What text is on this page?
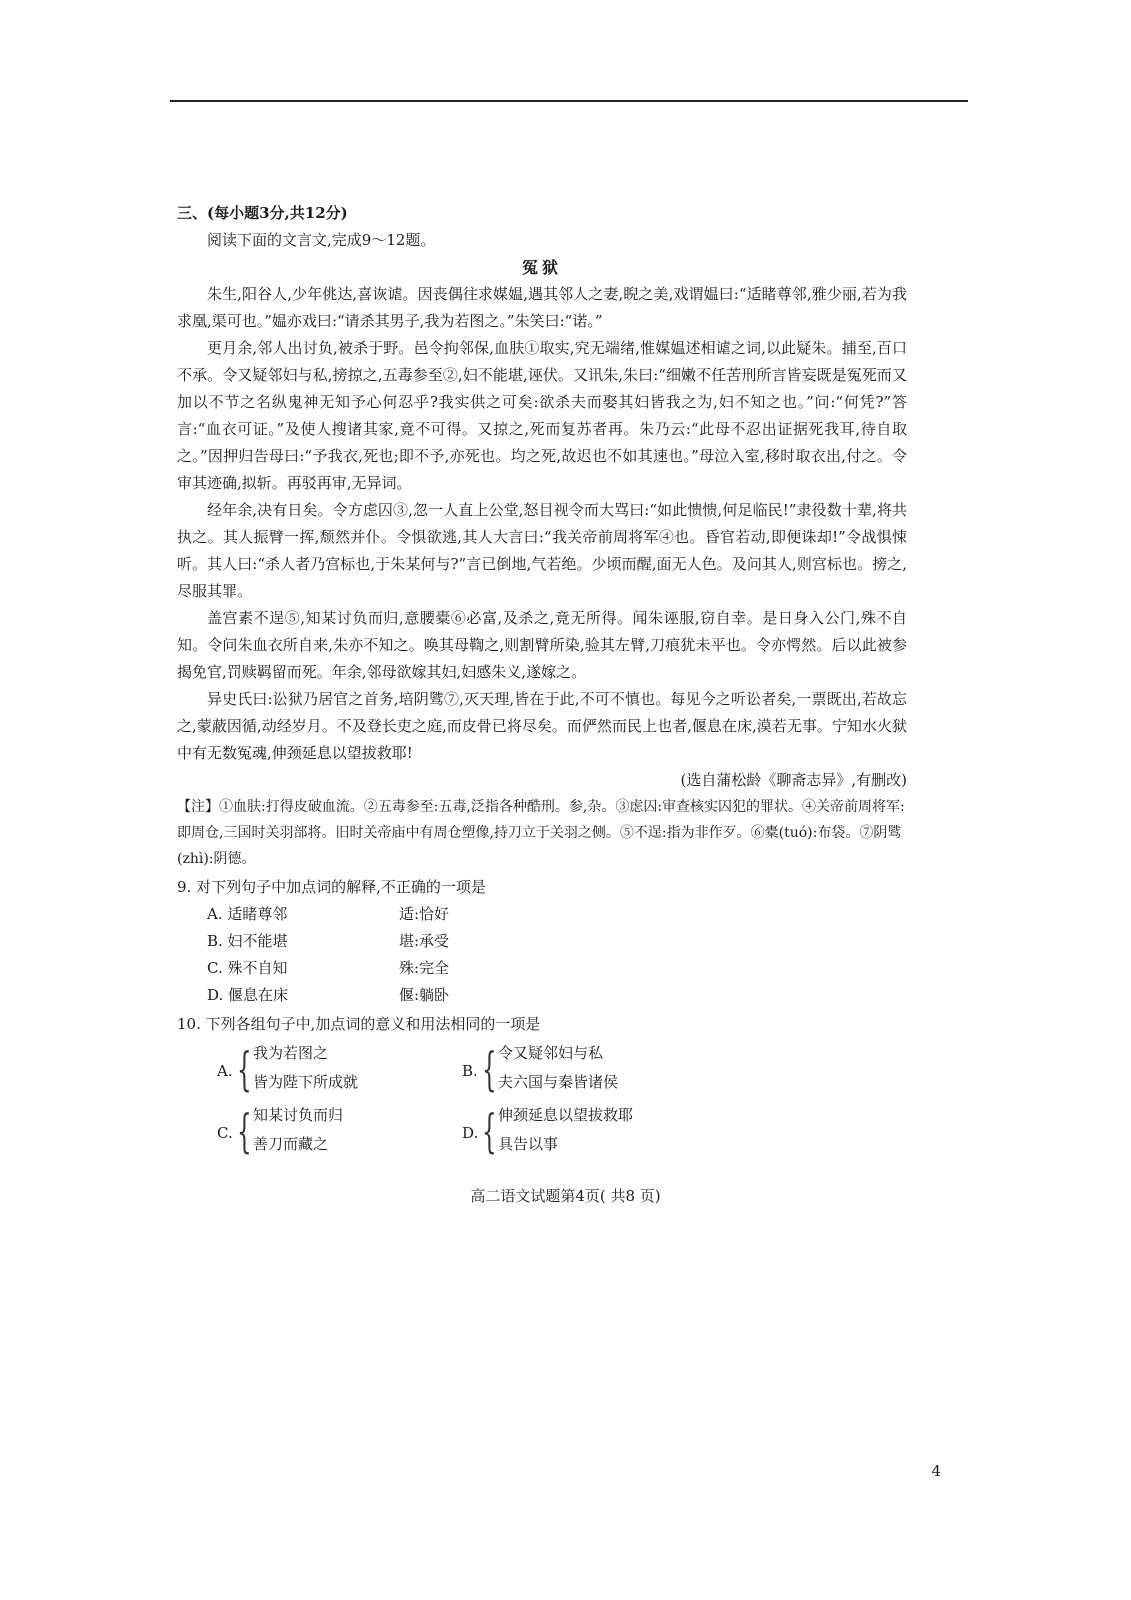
三、(每小题3分,共12分)

阅读下面的文言文,完成9～12题。

冤狱

朱生,阳谷人,少年佻达,喜诙谑。因丧偶往求媒媪,遇其邻人之妻,睨之美,戏谓媪曰:“适睹尊邻,雅少丽,若为我求凰,渠可也。”媪亦戏曰:“请杀其男子,我为若图之。”朱笑曰:“诺。”

更月余,邻人出讨负,被杀于野。邑令拘邻保,血肤①取实,究无端绪,惟媒媪述相谑之词,以此疑朱。捕至,百口不承。令又疑邻妇与私,搒掠之,五毒参至②,妇不能堪,诬伏。又讯朱,朱曰:“细嫩不任苦刑所言皆妄既是冤死而又加以不节之名纵鬼神无知予心何忍乎?我实供之可矣:欲杀夫而娶其妇皆我之为,妇不知之也。”问:“何凭?”答言:“血衣可证。”及使人搜诸其家,竟不可得。又掠之,死而复苏者再。朱乃云:“此母不忍出证据死我耳,待自取之。”因押归告母曰:“予我衣,死也;即不予,亦死也。均之死,故迟也不如其速也。”母泣入室,移时取衣出,付之。令审其迹确,拟斩。再驳再审,无异词。

经年余,决有日矣。令方虑囚③,忽一人直上公堂,怒目视令而大骂曰:“如此愦愦,何足临民!”隶役数十辈,将共执之。其人振臂一挥,颓然并仆。令惧欲逃,其人大言曰:“我关帝前周将军④也。昏官若动,即便诛却!”令战惧悚听。其人曰:“杀人者乃宫标也,于朱某何与?”言已倒地,气若绝。少顷而醒,面无人色。及问其人,则宫标也。搒之,尽服其罪。

盖宫素不逞⑤,知某讨负而归,意腰橐⑥必富,及杀之,竟无所得。闻朱诬服,窃自幸。是日身入公门,殊不自知。令问朱血衣所自来,朱亦不知之。唤其母鞫之,则割臂所染,验其左臂,刀痕犹未平也。令亦愕然。后以此被参揭免官,罚赎羁留而死。年余,邻母欲嫁其妇,妇感朱义,遂嫁之。

异史氏曰:讼狱乃居官之首务,培阴骘⑦,灭天理,皆在于此,不可不慎也。每见今之听讼者矣,一票既出,若故忘之,蒙蔽因循,动经岁月。不及登长吏之庭,而皮骨已将尽矣。而俨然而民上也者,偃息在床,漠若无事。宁知水火狱中有无数冤魂,伸颈延息以望拔救耶!

(选自蒲松龄《聊斋志异》,有删改)

【注】①血肤:打得皮破血流。②五毒参至:五毒,泛指各种酷刑。参,杂。③虑囚:审查核实囚犯的罪状。④关帝前周将军:即周仓,三国时关羽部将。旧时关帝庙中有周仓塑像,持刀立于关羽之侧。⑤不逞:指为非作歹。⑥橐(tuó):布袋。⑦阴骘(zhì):阴德。

9. 对下列句子中加点词的解释,不正确的一项是

A. 适睹尊邻	适:恰好
B. 妇不能堪	堪:承受
C. 殊不自知	殊:完全
D. 偃息在床	偃:躺卧

10. 下列各组句子中,加点词的意义和用法相同的一项是

A. { 我为若图之
皆为陛下所成就
B. { 令又疑邻妇与私
夫六国与秦皆诸侯
C. { 知某讨负而归
善刀而藏之
D. { 伸颈延息以望拔救耶
具告以事
高二语文试题第4页( 共8 页)
4
